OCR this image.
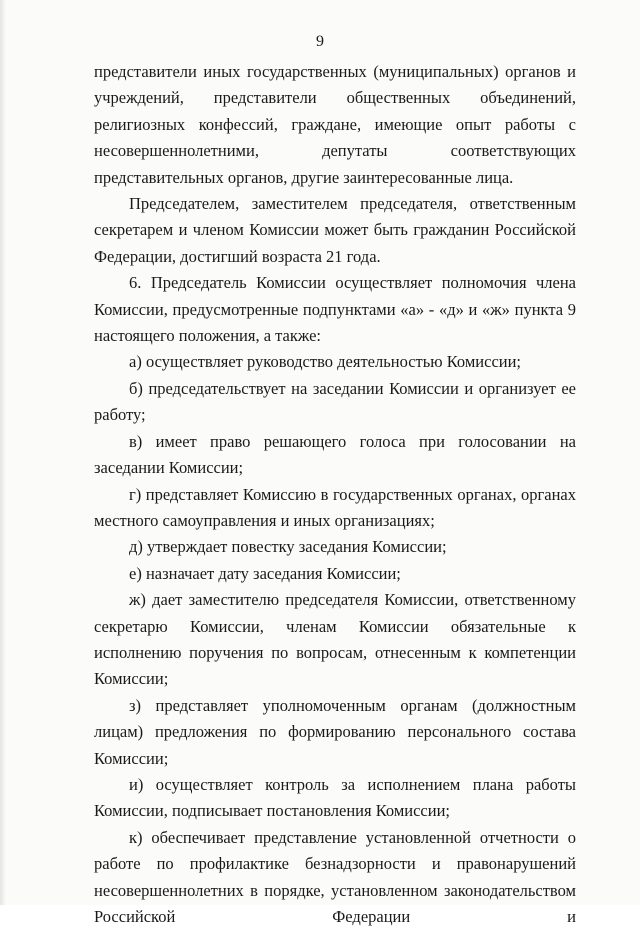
9

представители иных государственных (муниципальных) органов и учреждений, представители общественных объединений, религиозных конфессий, граждане, имеющие опыт работы с несовершеннолетними, депутаты соответствующих представительных органов, другие заинтересованные лица.

Председателем, заместителем председателя, ответственным секретарем и членом Комиссии может быть гражданин Российской Федерации, достигший возраста 21 года.

6. Председатель Комиссии осуществляет полномочия члена Комиссии, предусмотренные подпунктами «а» - «д» и «ж» пункта 9 настоящего положения, а также:

а) осуществляет руководство деятельностью Комиссии;

б) председательствует на заседании Комиссии и организует ее работу;

в) имеет право решающего голоса при голосовании на заседании Комиссии;

г) представляет Комиссию в государственных органах, органах местного самоуправления и иных организациях;

д) утверждает повестку заседания Комиссии;

е) назначает дату заседания Комиссии;

ж) дает заместителю председателя Комиссии, ответственному секретарю Комиссии, членам Комиссии обязательные к исполнению поручения по вопросам, отнесенным к компетенции Комиссии;

з) представляет уполномоченным органам (должностным лицам) предложения по формированию персонального состава Комиссии;

и) осуществляет контроль за исполнением плана работы Комиссии, подписывает постановления Комиссии;

к) обеспечивает представление установленной отчетности о работе по профилактике безнадзорности и правонарушений несовершеннолетних в порядке, установленном законодательством Российской Федерации и
